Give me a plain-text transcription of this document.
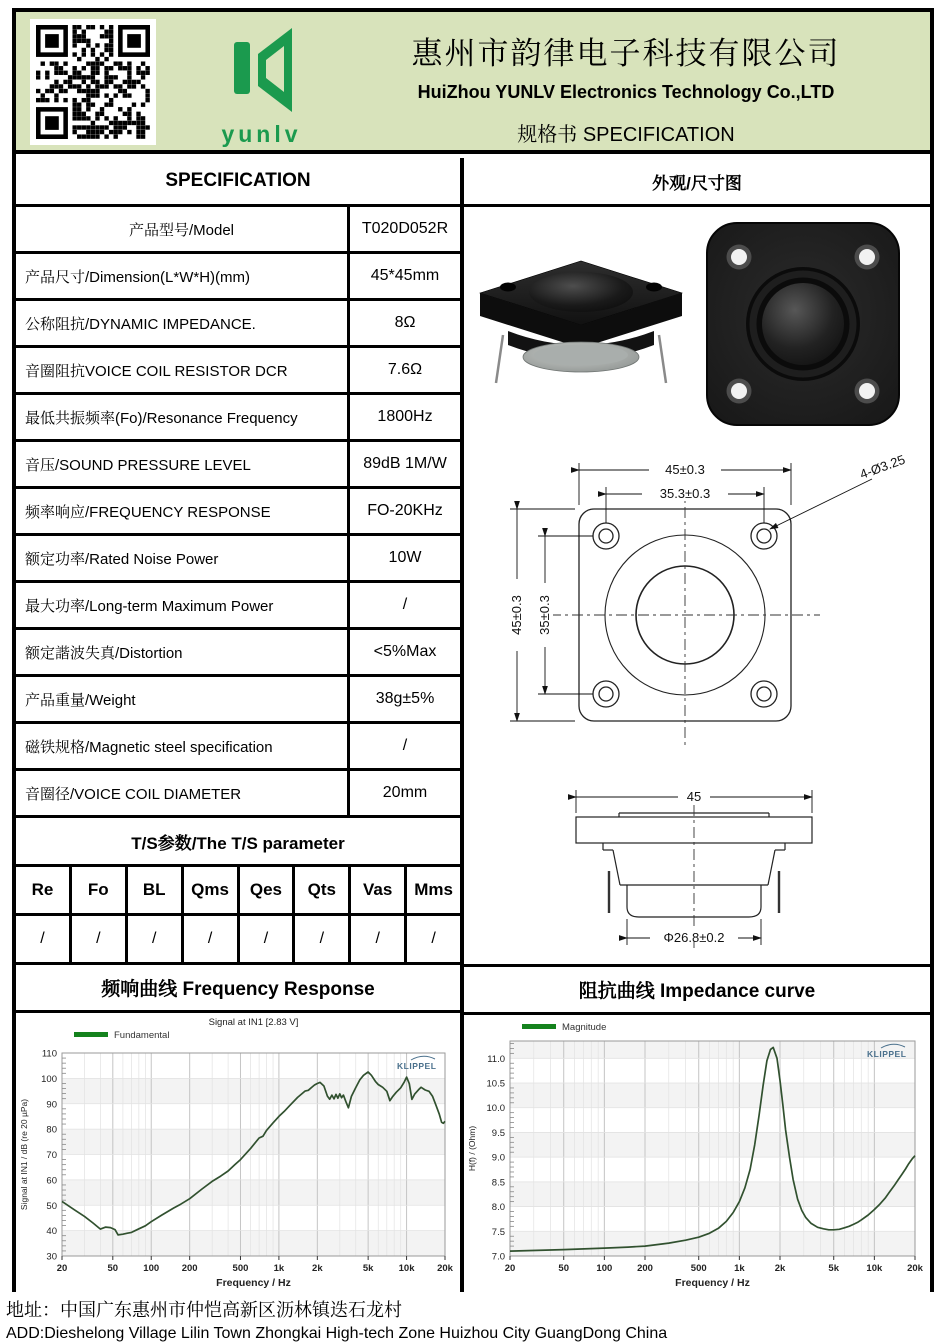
yunlv
惠州市韵律电子科技有限公司
HuiZhou YUNLV Electronics Technology Co.,LTD
规格书 SPECIFICATION
SPECIFICATION
产品型号/Model	T020D052R
产品尺寸/Dimension(L*W*H)(mm)	45*45mm
公称阻抗/DYNAMIC IMPEDANCE.	8Ω
音圈阻抗VOICE COIL RESISTOR DCR	7.6Ω
最低共振频率(Fo)/Resonance Frequency	1800Hz
音压/SOUND PRESSURE LEVEL	89dB 1M/W
频率响应/FREQUENCY RESPONSE	FO-20KHz
额定功率/Rated Noise Power	10W
最大功率/Long-term Maximum Power	/
额定諧波失真/Distortion	<5%Max
产品重量/Weight	38g±5%
磁铁规格/Magnetic steel specification	/
音圈径/VOICE COIL DIAMETER	20mm
T/S参数/The T/S parameter
Re	Fo	BL	Qms	Qes	Qts	Vas	Mms
/	/	/	/	/	/	/	/
频响曲线 Frequency Response
30
40
50
60
70
80
90
100
110
20	50	100 200	500	1k	2k	5k	10k 20k
Signal at IN1 [2.83 V]
Fundamental
Frequency / Hz
Signal at IN1 / dB (re 20 µPa)
KLIPPEL
外观/尺寸图
45±0.3
35.3±0.3
45±0.3 35±0.3
4-Ø3.25
45
Φ26.8±0.2
阻抗曲线 Impedance curve
7.0
7.5
8.0
8.5
9.0
9.5
10.0
10.5
11.0
20	50	100	200	500	1k	2k	5k	10k	20k
Magnitude
Frequency / Hz
H(f) / (Ohm)
KLIPPEL
地址：中国广东惠州市仲恺高新区沥林镇迭石龙村
ADD:Dieshelong Village Lilin Town Zhongkai High-tech Zone Huizhou City GuangDong China
